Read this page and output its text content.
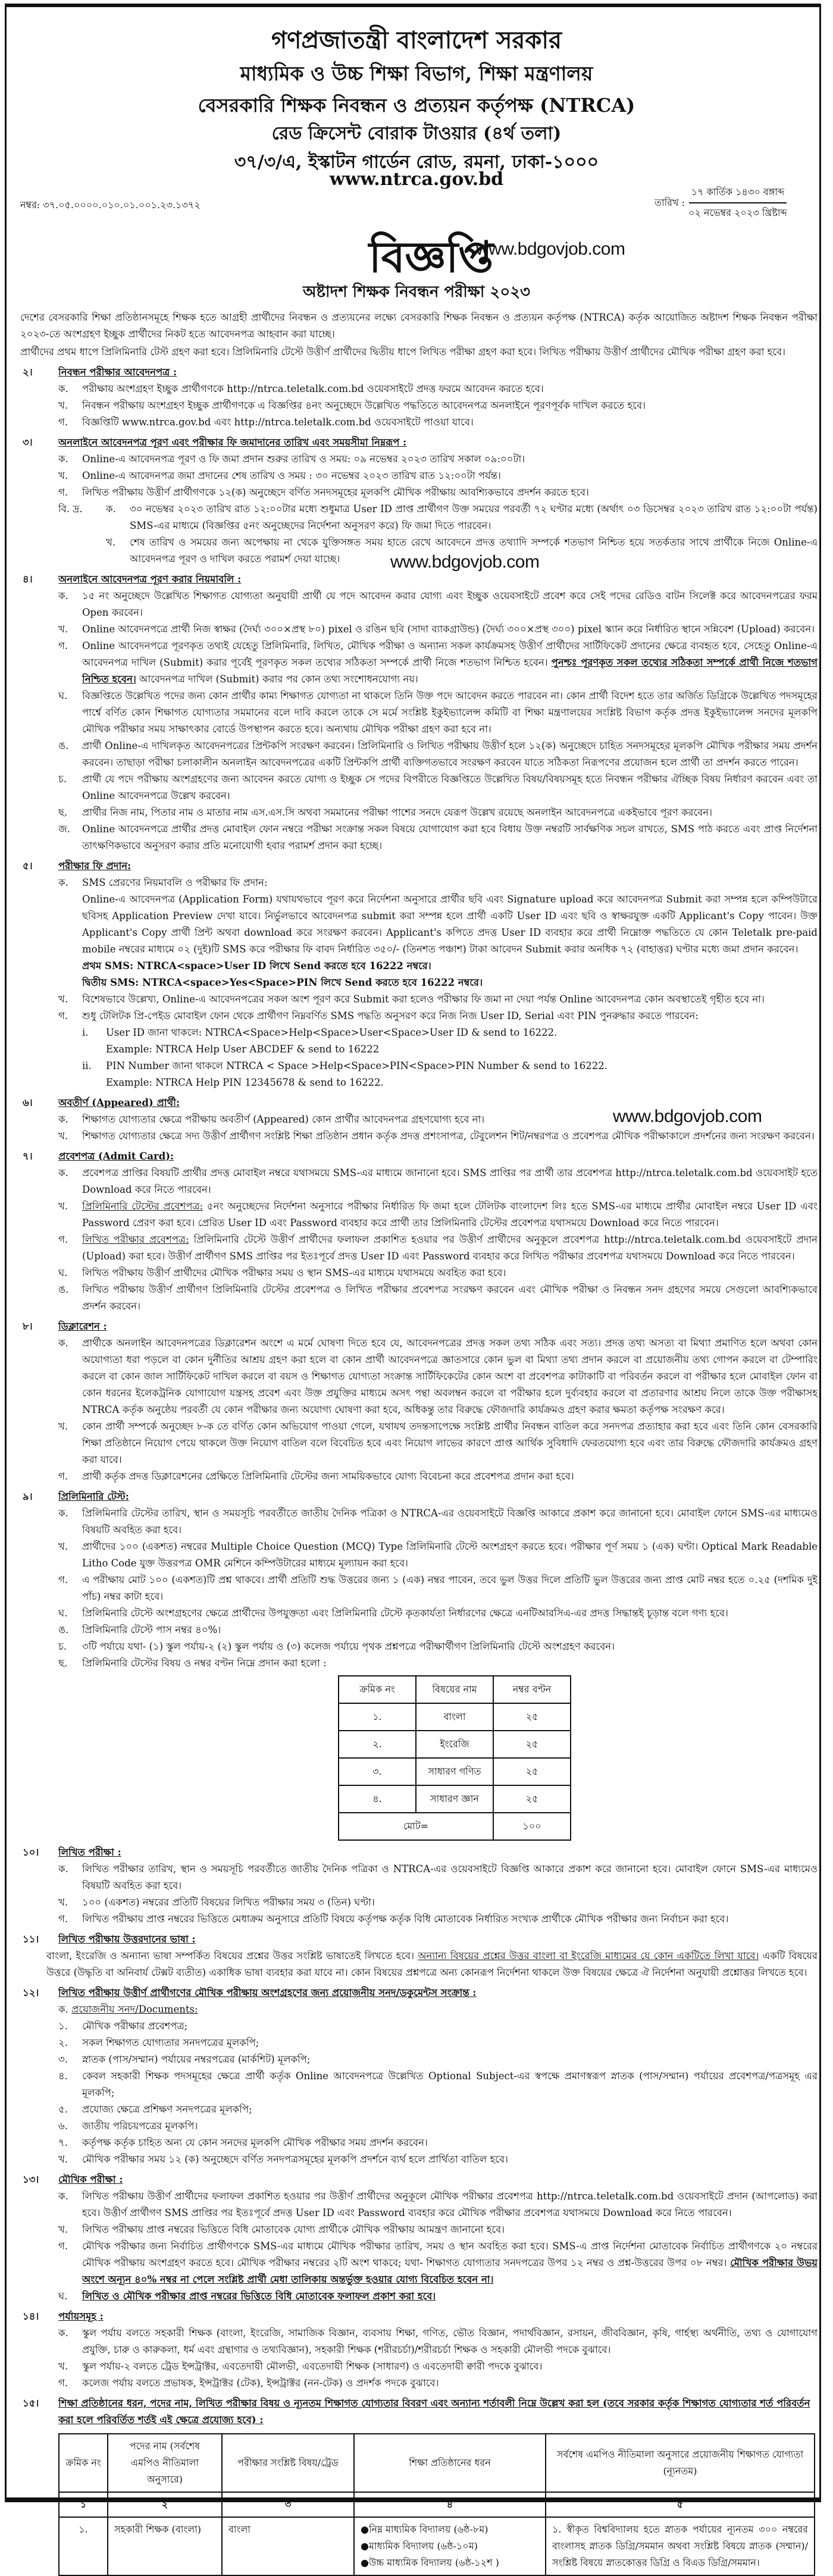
গণপ্রজাতন্ত্রী বাংলাদেশ সরকার
মাধ্যমিক ও উচ্চ শিক্ষা বিভাগ, শিক্ষা মন্ত্রণালয়
বেসরকারি শিক্ষক নিবন্ধন ও প্রত্যয়ন কর্তৃপক্ষ (NTRCA)
রেড ক্রিসেন্ট বোরাক টাওয়ার (৪র্থ তলা)
৩৭/৩/এ, ইস্কাটন গার্ডেন রোড, রমনা, ঢাকা-১০০০
www.ntrca.gov.bd
নম্বর: ৩৭.০৫.০০০০.০১০.০১.০০১.২৩.১৩৭২	তারিখ : $\frac{\text{১৭ কার্তিক ১৪৩০ বঙ্গাব্দ}}{\text{০২ নভেম্বর ২০২৩ খ্রিষ্টাব্দ}}$
বিজ্ঞপ্তি
www.bdgovjob.com
অষ্টাদশ শিক্ষক নিবন্ধন পরীক্ষা ২০২৩
www.bdgovjob.com
www.bdgovjob.com

দেশের বেসরকারি শিক্ষা প্রতিষ্ঠানসমূহে শিক্ষক হতে আগ্রহী প্রার্থীদের নিবন্ধন ও প্রত্যয়নের লক্ষ্যে বেসরকারি শিক্ষক নিবন্ধন ও প্রত্যয়ন কর্তৃপক্ষ (NTRCA) কর্তৃক আয়োজিত অষ্টাদশ শিক্ষক নিবন্ধন পরীক্ষা ২০২৩-তে অংশগ্রহণ ইচ্ছুক প্রার্থীদের নিকট হতে আবেদনপত্র আহবান করা যাচ্ছে।

প্রার্থীদের প্রথম ধাপে প্রিলিমিনারি টেস্ট গ্রহণ করা হবে। প্রিলিমিনারি টেস্টে উত্তীর্ণ প্রার্থীদের দ্বিতীয় ধাপে লিখিত পরীক্ষা গ্রহণ করা হবে। লিখিত পরীক্ষায় উত্তীর্ণ প্রার্থীদের মৌখিক পরীক্ষা গ্রহণ করা হবে।

২।	নিবন্ধন পরীক্ষার আবেদনপত্র :
ক. পরীক্ষায় অংশগ্রহণ ইচ্ছুক প্রার্থীগণকে http://ntrca.teletalk.com.bd ওয়েবসাইটে প্রদত্ত ফরমে আবেদন করতে হবে।
খ. নিবন্ধন পরীক্ষায় অংশগ্রহণ ইচ্ছুক প্রার্থীগণকে এ বিজ্ঞপ্তির ৪নং অনুচ্ছেদে উল্লেখিত পদ্ধতিতে আবেদনপত্র অনলাইনে পূরণপূর্বক দাখিল করতে হবে।
গ. বিজ্ঞপ্তিটি www.ntrca.gov.bd এবং http://ntrca.teletalk.com.bd ওয়েবসাইটে পাওয়া যাবে।
৩।	অনলাইনে আবেদনপত্র পূরণ এবং পরীক্ষার ফি জমাদানের তারিখ এবং সময়সীমা নিম্নরূপ :
ক. Online-এ আবেদনপত্র পূরণ ও ফি জমা প্রদান শুরুর তারিখ ও সময়: ০৯ নভেম্বর ২০২৩ তারিখ সকাল ০৯:০০টা।
খ. Online-এ আবেদনপত্র জমা প্রদানের শেষ তারিখ ও সময় : ৩০ নভেম্বর ২০২৩ তারিখ রাত ১২:০০টা পর্যন্ত।
গ. লিখিত পরীক্ষায় উত্তীর্ণ প্রার্থীগণকে ১২(ক) অনুচ্ছেদে বর্ণিত সনদসমূহের মূলকপি মৌখিক পরীক্ষায় আবশ্যিকভাবে প্রদর্শন করতে হবে।
বি. দ্র. ক. ৩০ নভেম্বর ২০২৩ তারিখ রাত ১২:০০টার মধ্যে শুধুমাত্র User ID প্রাপ্ত প্রার্থীগণ উক্ত সময়ের পরবর্তী ৭২ ঘণ্টার মধ্যে (অর্থাৎ ০৩ ডিসেম্বর ২০২৩ তারিখ রাত ১২:০০টা পর্যন্ত) SMS-এর মাধ্যমে (বিজ্ঞপ্তির ৫নং অনুচ্ছেদের নির্দেশনা অনুসরণ করে) ফি জমা দিতে পারবেন।
খ. শেষ তারিখ ও সময়ের জন্য অপেক্ষায় না থেকে যুক্তিসঙ্গত সময় হাতে রেখে আবেদনে প্রদত্ত তথ্যাদি সম্পর্কে শতভাগ নিশ্চিত হয়ে সতর্কতার সাথে প্রার্থীকে নিজে Online-এ আবেদনপত্র পূরণ ও দাখিল করতে পরামর্শ দেয়া যাচ্ছে।
৪।	অনলাইনে আবেদনপত্র পূরণ করার নিয়মাবলি :
ক. ১৫ নং অনুচ্ছেদে উল্লেখিত শিক্ষাগত যোগ্যতা অনুযায়ী প্রার্থী যে পদে আবেদন করার যোগ্য এবং ইচ্ছুক ওয়েবসাইটে প্রবেশ করে সেই পদের রেডিও বাটন সিলেক্ট করে আবেদনপত্রের ফরম Open করবেন।
খ. Online আবেদনপত্রে প্রার্থী নিজ স্বাক্ষর (দৈর্ঘ্য ৩০০×প্রস্থ ৮০) pixel ও রঙিন ছবি (সাদা ব্যাকগ্রাউন্ড) (দৈর্ঘ্য ৩০০×প্রস্থ ৩০০) pixel স্ক্যান করে নির্ধারিত স্থানে সন্নিবেশ (Upload) করবেন।
গ. Online আবেদনপত্রে পূরণকৃত তথ্যই যেহেতু প্রিলিমিনারি, লিখিত, মৌখিক পরীক্ষা ও অন্যান্য সকল কার্যক্রমসহ উত্তীর্ণ প্রার্থীদের সার্টিফিকেট প্রদানের ক্ষেত্রে ব্যবহৃত হবে, সেহেতু Online-এ আবেদনপত্র দাখিল (Submit) করার পূর্বেই পূরণকৃত সকল তথ্যের সঠিকতা সম্পর্কে প্রার্থী নিজে শতভাগ নিশ্চিত হবেন। পুনশ্চঃ পূরণকৃত সকল তথ্যের সঠিকতা সম্পর্কে প্রার্থী নিজে শতভাগ নিশ্চিত হবেন। আবেদনপত্র দাখিল (Submit) করার পর কোন তথ্য সংশোধনযোগ্য নয়।
ঘ. বিজ্ঞপ্তিতে উল্লেখিত পদের জন্য কোন প্রার্থীর কাম্য শিক্ষাগত যোগ্যতা না থাকলে তিনি উক্ত পদে আবেদন করতে পারবেন না। কোন প্রার্থী বিদেশ হতে তার অর্জিত ডিগ্রিকে উল্লেখিত পদসমূহের পার্শ্বে বর্ণিত কোন শিক্ষাগত যোগ্যতার সমমানের বলে দাবি করলে তাকে সে মর্মে সংশ্লিষ্ট ইকুইভ্যালেন্স কমিটি বা শিক্ষা মন্ত্রণালয়ের সংশ্লিষ্ট বিভাগ কর্তৃক প্রদত্ত ইকুইভ্যালেন্স সনদের মূলকপি মৌখিক পরীক্ষার সময় সাক্ষাৎকার বোর্ডে উপস্থাপন করতে হবে। অন্যথায় মৌখিক পরীক্ষা গ্রহণ করা হবে না।
ঙ. প্রার্থী Online-এ দাখিলকৃত আবেদনপত্রের প্রিন্টকপি সংরক্ষণ করবেন। প্রিলিমিনারি ও লিখিত পরীক্ষায় উত্তীর্ণ হলে ১২(ক) অনুচ্ছেদে চাহিত সনদসমূহের মূলকপি মৌখিক পরীক্ষার সময় প্রদর্শন করবেন। তাছাড়া পরীক্ষা চলাকালীন অনলাইন আবেদনপত্রের একটি প্রিন্টকপি প্রার্থী ব্যক্তিগতভাবে সংরক্ষণ করবেন যাতে সঠিকতা নিরূপণের প্রয়োজন হলে প্রার্থী তা প্রদর্শন করতে পারেন।
চ. প্রার্থী যে পদে পরীক্ষায় অংশগ্রহণের জন্য আবেদন করতে যোগ্য ও ইচ্ছুক সে পদের বিপরীতে বিজ্ঞপ্তিতে উল্লেখিত বিষয়/বিষয়সমূহ হতে নিবন্ধন পরীক্ষার ঐচ্ছিক বিষয় নির্ধারণ করবেন এবং তা Online আবেদনপত্রে উল্লেখ করবেন।
ছ. প্রার্থীর নিজ নাম, পিতার নাম ও মাতার নাম এস.এস.সি অথবা সমমানের পরীক্ষা পাশের সনদে যেরূপ উল্লেখ রয়েছে অনলাইন আবেদনপত্রে একইভাবে পূরণ করবেন।
জ. Online আবেদনপত্রে প্রার্থীর প্রদত্ত মোবাইল ফোন নম্বরে পরীক্ষা সংক্রান্ত সকল বিষয়ে যোগাযোগ করা হবে বিধায় উক্ত নম্বরটি সার্বক্ষণিক সচল রাখতে, SMS পাঠ করতে এবং প্রাপ্ত নির্দেশনা তাৎক্ষণিকভাবে অনুসরণ করার প্রতি মনোযোগী হবার পরামর্শ প্রদান করা হচ্ছে।
৫।	পরীক্ষার ফি প্রদান:
ক. SMS প্রেরণের নিয়মাবলি ও পরীক্ষার ফি প্রদান:
Online-এ আবেদনপত্র (Application Form) যথাযথভাবে পূরণ করে নির্দেশনা অনুসারে প্রার্থীর ছবি এবং Signature upload করে আবেদনপত্র Submit করা সম্পন্ন হলে কম্পিউটারে ছবিসহ Application Preview দেখা যাবে। নির্ভুলভাবে আবেদনপত্র submit করা সম্পন্ন হলে প্রার্থী একটি User ID এবং ছবি ও স্বাক্ষরযুক্ত একটি Applicant's Copy পাবেন। উক্ত Applicant's Copy প্রার্থী প্রিন্ট অথবা download করে সংরক্ষণ করবেন। Applicant's কপিতে প্রদত্ত User ID ব্যবহার করে প্রার্থী নিম্নোক্ত পদ্ধতিতে যে কোন Teletalk pre-paid mobile নম্বরের মাধ্যমে ০২ (দুই)টি SMS করে পরীক্ষার ফি বাবদ নির্ধারিত ৩৫০/- (তিনশত পঞ্চাশ) টাকা আবেদন Submit করার অনধিক ৭২ (বাহাত্তর) ঘণ্টার মধ্যে জমা প্রদান করবেন।
প্রথম SMS: NTRCA<space>User ID লিখে Send করতে হবে 16222 নম্বরে।
দ্বিতীয় SMS: NTRCA<space>Yes<Space>PIN লিখে Send করতে হবে 16222 নম্বরে।
খ. বিশেষভাবে উল্লেখ্য, Online-এ আবেদনপত্রের সকল অংশ পূরণ করে Submit করা হলেও পরীক্ষার ফি জমা না দেয়া পর্যন্ত Online আবেদনপত্র কোন অবস্থাতেই গৃহীত হবে না।
গ. শুধু টেলিটক প্রি-পেইড মোবাইল ফোন থেকে প্রার্থীগণ নিম্নবর্ণিত SMS পদ্ধতি অনুসরণ করে নিজ নিজ User ID, Serial এবং PIN পুনরুদ্ধার করতে পারবেন:
i. User ID জানা থাকলে: NTRCA<Space>Help<Space>User<Space>User ID & send to 16222.
Example: NTRCA Help User ABCDEF & send to 16222
ii. PIN Number জানা থাকলে NTRCA < Space >Help<Space>PIN<Space>PIN Number & send to 16222.
Example: NTRCA Help PIN 12345678 & send to 16222.
৬।	অবতীর্ণ (Appeared) প্রার্থী:
ক. শিক্ষাগত যোগ্যতার ক্ষেত্রে পরীক্ষায় অবতীর্ণ (Appeared) কোন প্রার্থীর আবেদনপত্র গ্রহণযোগ্য হবে না।
খ. শিক্ষাগত যোগ্যতার ক্ষেত্রে সদ্য উত্তীর্ণ প্রার্থীগণ সংশ্লিষ্ট শিক্ষা প্রতিষ্ঠান প্রধান কর্তৃক প্রদত্ত প্রশংসাপত্র, টেবুলেশন শিট/নম্বরপত্র ও প্রবেশপত্র মৌখিক পরীক্ষাকালে প্রদর্শনের জন্য সংরক্ষণ করবেন।
৭।	প্রবেশপত্র (Admit Card):
ক. প্রবেশপত্র প্রাপ্তির বিষয়টি প্রার্থীর প্রদত্ত মোবাইল নম্বরে যথাসময়ে SMS-এর মাধ্যমে জানানো হবে। SMS প্রাপ্তির পর প্রার্থী তার প্রবেশপত্র http://ntrca.teletalk.com.bd ওয়েবসাইট হতে Download করে নিতে পারবেন।
খ. প্রিলিমিনারি টেস্টের প্রবেশপত্র: ৫নং অনুচ্ছেদের নির্দেশনা অনুসারে পরীক্ষার নির্ধারিত ফি জমা হলে টেলিটক বাংলাদেশ লিঃ হতে SMS-এর মাধ্যমে প্রার্থীর মোবাইল নম্বরে User ID এবং Password প্রেরণ করা হবে। প্রেরিত User ID এবং Password ব্যবহার করে প্রার্থী তার প্রিলিমিনারি টেস্টের প্রবেশপত্র যথাসময়ে Download করে নিতে পারবেন।
গ. লিখিত পরীক্ষার প্রবেশপত্র: প্রিলিমিনারি টেস্টে উত্তীর্ণ প্রার্থীদের ফলাফল প্রকাশিত হওয়ার পর উত্তীর্ণ প্রার্থীদের অনুকূলে প্রবেশপত্র http://ntrca.teletalk.com.bd ওয়েবসাইটে প্রদান (Upload) করা হবে। উত্তীর্ণ প্রার্থীগণ SMS প্রাপ্তির পর ইতঃপূর্বে প্রদত্ত User ID এবং Password ব্যবহার করে লিখিত পরীক্ষার প্রবেশপত্র যথাসময়ে Download করে নিতে পারবেন।
ঘ. লিখিত পরীক্ষায় উত্তীর্ণ প্রার্থীদের মৌখিক পরীক্ষার সময় ও স্থান SMS-এর মাধ্যমে যথাসময়ে অবহিত করা হবে।
ঙ. লিখিত পরীক্ষায় উত্তীর্ণ প্রার্থীগণ প্রিলিমিনারি টেস্টের প্রবেশপত্র ও লিখিত পরীক্ষার প্রবেশপত্র সংরক্ষণ করবেন এবং মৌখিক পরীক্ষা ও নিবন্ধন সনদ গ্রহণের সময়ে সেগুলো আবশ্যিকভাবে প্রদর্শন করবেন।
৮।	ডিক্লারেশন :
ক. প্রার্থীকে অনলাইন আবেদনপত্রের ডিক্লারেশন অংশে এ মর্মে ঘোষণা দিতে হবে যে, আবেদনপত্রের প্রদত্ত সকল তথ্য সঠিক এবং সত্য। প্রদত্ত তথ্য অসত্য বা মিথ্যা প্রমাণিত হলে অথবা কোন অযোগ্যতা ধরা পড়লে বা কোন দুর্নীতির আশ্রয় গ্রহণ করা হলে বা কোন প্রার্থী আবেদনপত্রে জ্ঞাতসারে কোন ভুল বা মিথ্যা তথ্য প্রদান করলে বা প্রয়োজনীয় তথ্য গোপন করলে বা টেম্পারিং করলে বা কোন জাল সার্টিফিকেট দাখিল করলে বা বয়স ও শিক্ষাগত যোগ্যতা সংক্রান্ত সার্টিফিকেটের কোন অংশ বা প্রবেশপত্র কাটাকাটি বা পরিবর্তন করলে বা পরীক্ষার হলে মোবাইল ফোন বা কোন ধরনের ইলেকট্রনিক যোগাযোগ যন্ত্রসহ প্রবেশ এবং উক্ত প্রযুক্তির মাধ্যমে অসৎ পন্থা অবলম্বন করলে বা পরীক্ষার হলে দুর্ব্যবহার করলে বা প্রতারণার আশ্রয় নিলে তাকে উক্ত পরীক্ষাসহ NTRCA কর্তৃক অনুষ্ঠেয় পরবর্তী যে কোন পরীক্ষার জন্য অযোগ্য ঘোষণা করা হবে, অধিকন্তু তার বিরুদ্ধে ফৌজদারি কার্যক্রমও গ্রহণ করার ক্ষমতা কর্তৃপক্ষ সংরক্ষণ করে।
খ. কোন প্রার্থী সম্পর্কে অনুচ্ছেদ ৮-ক তে বর্ণিত কোন অভিযোগ পাওয়া গেলে, যথাযথ তদন্তসাপেক্ষে সংশ্লিষ্ট প্রার্থীর নিবন্ধন বাতিল করে সনদপত্র প্রত্যাহার করা হবে এবং তিনি কোন বেসরকারি শিক্ষা প্রতিষ্ঠানে নিয়োগ পেয়ে থাকলে উক্ত নিয়োগ বাতিল বলে বিবেচিত হবে এবং নিয়োগ লাভের কারণে প্রাপ্ত আর্থিক সুবিধাদি ফেরতযোগ্য হবে এবং তার বিরুদ্ধে ফৌজদারি কার্যক্রমও গ্রহণ করা যাবে।
গ. প্রার্থী কর্তৃক প্রদত্ত ডিক্লারেশনের প্রেক্ষিতে প্রিলিমিনারি টেস্টের জন্য সাময়িকভাবে যোগ্য বিবেচনা করে প্রবেশপত্র প্রদান করা হবে।
৯।	প্রিলিমিনারি টেস্ট:
ক. প্রিলিমিনারি টেস্টের তারিখ, স্থান ও সময়সূচি পরবর্তীতে জাতীয় দৈনিক পত্রিকা ও NTRCA-এর ওয়েবসাইটে বিজ্ঞপ্তি আকারে প্রকাশ করে জানানো হবে। মোবাইল ফোনে SMS-এর মাধ্যমেও বিষয়টি অবহিত করা হবে।
খ. প্রার্থীদের ১০০ (একশত) নম্বরের Multiple Choice Question (MCQ) Type প্রিলিমিনারি টেস্টে অংশগ্রহণ করতে হবে। পরীক্ষার পূর্ণ সময় ১ (এক) ঘণ্টা। Optical Mark Readable Litho Code যুক্ত উত্তরপত্র OMR মেশিনে কম্পিউটারের মাধ্যমে মূল্যায়ন করা হবে।
গ. এ পরীক্ষায় মোট ১০০ (একশত)টি প্রশ্ন থাকবে। প্রার্থী প্রতিটি শুদ্ধ উত্তরের জন্য ১ (এক) নম্বর পাবেন, তবে ভুল উত্তর দিলে প্রতিটি ভুল উত্তরের জন্য প্রাপ্ত মোট নম্বর হতে ০.২৫ (দশমিক দুই পাঁচ) নম্বর কাটা হবে।
ঘ. প্রিলিমিনারি টেস্টে অংশগ্রহণের ক্ষেত্রে প্রার্থীদের উপযুক্ততা এবং প্রিলিমিনারি টেস্টে কৃতকার্যতা নির্ধারণের ক্ষেত্রে এনটিআরসিএ-এর প্রদত্ত সিদ্ধান্তই চূড়ান্ত বলে গণ্য হবে।
ঙ. প্রিলিমিনারি টেস্টে পাস নম্বর ৪০%।
চ. ৩টি পর্যায়ে যথা- (১) স্কুল পর্যায়-২ (২) স্কুল পর্যায় ও (৩) কলেজ পর্যায়ে পৃথক প্রশ্নপত্রে পরীক্ষার্থীগণ প্রিলিমিনারি টেস্টে অংশগ্রহণ করবেন।
ছ. প্রিলিমিনারি টেস্টের বিষয় ও নম্বর বণ্টন নিম্নে প্রদান করা হলো :
ক্রমিক নং	বিষয়ের নাম	নম্বর বণ্টন
১.	বাংলা	২৫
২.	ইংরেজি	২৫
৩.	সাধারণ গণিত	২৫
৪.	সাধারণ জ্ঞান	২৫
মোট=		১০০
১০। লিখিত পরীক্ষা :
ক. লিখিত পরীক্ষার তারিখ, স্থান ও সময়সূচি পরবর্তীতে জাতীয় দৈনিক পত্রিকা ও NTRCA-এর ওয়েবসাইটে বিজ্ঞপ্তি আকারে প্রকাশ করে জানানো হবে। মোবাইল ফোনে SMS-এর মাধ্যমেও বিষয়টি অবহিত করা হবে।
খ. ১০০ (একশত) নম্বরের প্রতিটি বিষয়ের লিখিত পরীক্ষার সময় ৩ (তিন) ঘণ্টা।
গ. লিখিত পরীক্ষায় প্রাপ্ত নম্বরের ভিত্তিতে মেধাক্রম অনুসারে প্রতিটি বিষয়ে কর্তৃপক্ষ কর্তৃক বিধি মোতাবেক নির্ধারিত সংখ্যক প্রার্থীকে মৌখিক পরীক্ষার জন্য নির্বাচন করা হবে।
১১। লিখিত পরীক্ষায় উত্তরদানের ভাষা :
বাংলা, ইংরেজি ও অন্যান্য ভাষা সম্পর্কিত বিষয়ের প্রশ্নের উত্তর সংশ্লিষ্ট ভাষাতেই লিখতে হবে। অন্যান্য বিষয়ের প্রশ্নের উত্তর বাংলা বা ইংরেজি মাধ্যমের যে কোন একটিতে লিখা যাবে। একটি বিষয়ের উত্তরে (উদ্ধৃতি বা অনিবার্য টেক্সট ব্যতীত) একাধিক ভাষা ব্যবহার করা যাবে না। কোন বিষয়ের প্রশ্নপত্রে অন্য কোনরূপ নির্দেশনা থাকলে উক্ত বিষয়ের ক্ষেত্রে ঐ নির্দেশনা অনুযায়ী প্রশ্নোত্তর লিখতে হবে।
১২। লিখিত পরীক্ষায় উত্তীর্ণ প্রার্থীগণের মৌখিক পরীক্ষায় অংশগ্রহণের জন্য প্রয়োজনীয় সনদ/ডকুমেন্টস সংক্রান্ত :
ক. প্রয়োজনীয় সনদ/Documents:
১. মৌখিক পরীক্ষার প্রবেশপত্র;
২. সকল শিক্ষাগত যোগ্যতার সনদপত্রের মূলকপি;
৩. স্নাতক (পাস/সম্মান) পর্যায়ের নম্বরপত্রের (মার্কশিট) মূলকপি;
৪. কেবল সহকারী শিক্ষক পদসমূহের ক্ষেত্রে প্রার্থী কর্তৃক Online আবেদনপত্রে উল্লেখিত Optional Subject-এর স্বপক্ষে প্রমাণস্বরূপ স্নাতক (পাস/সম্মান) পর্যায়ের প্রবেশপত্র/পত্রসমূহ এর মূলকপি;
৫. প্রযোজ্য ক্ষেত্রে প্রশিক্ষণ সনদপত্রের মূলকপি;
৬. জাতীয় পরিচয়পত্রের মূলকপি।
৭. কর্তৃপক্ষ কর্তৃক চাহিত অন্য যে কোন সনদের মূলকপি মৌখিক পরীক্ষার সময় প্রদর্শন করবেন।
খ. মৌখিক পরীক্ষার সময় ১২ (ক) অনুচ্ছেদে বর্ণিত সনদপত্রসমূহের মূলকপি প্রদর্শনে ব্যর্থ হলে প্রার্থিতা বাতিল হবে।
১৩। মৌখিক পরীক্ষা :
ক. লিখিত পরীক্ষায় উত্তীর্ণ প্রার্থীদের ফলাফল প্রকাশিত হওয়ার পর উত্তীর্ণ প্রার্থীদের অনুকূলে মৌখিক পরীক্ষার প্রবেশপত্র http://ntrca.teletalk.com.bd ওয়েবসাইটে প্রদান (আপলোড) করা হবে। উত্তীর্ণ প্রার্থীগণ SMS প্রাপ্তির পর ইতঃপূর্বে প্রদত্ত User ID এবং Password ব্যবহার করে মৌখিক পরীক্ষার প্রবেশপত্র যথাসময়ে Download করে নিতে পারবেন।
খ. লিখিত পরীক্ষায় প্রাপ্ত নম্বরের ভিত্তিতে বিধি মোতাবেক যোগ্য প্রার্থীকে মৌখিক পরীক্ষায় আমন্ত্রণ জানানো হবে।
গ. মৌখিক পরীক্ষার জন্য নির্বাচিত প্রার্থীগণকে SMS-এর মাধ্যমে মৌখিক পরীক্ষার তারিখ, সময় ও স্থান অবহিত করা হবে। SMS-এ প্রাপ্ত নির্দেশনা মোতাবেক নির্বাচিত প্রার্থীগণকে ২০ নম্বরের মৌখিক পরীক্ষায় অংশগ্রহণ করতে হবে। মৌখিক পরীক্ষার নম্বরের ২টি অংশ থাকবে; যথা- শিক্ষাগত যোগ্যতার সনদপত্রের উপর ১২ নম্বর ও প্রশ্ন-উত্তরের উপর ০৮ নম্বর। মৌখিক পরীক্ষার উভয় অংশে অন্যূন ৪০% নম্বর না পেলে সংশ্লিষ্ট প্রার্থী মেধা তালিকায় অন্তর্ভুক্ত হওয়ার যোগ্য বিবেচিত হবেন না।
ঘ. লিখিত ও মৌখিক পরীক্ষার প্রাপ্ত নম্বরের ভিত্তিতে বিধি মোতাবেক ফলাফল প্রকাশ করা হবে।
১৪। পর্যায়সমূহ :
ক. স্কুল পর্যায় বলতে সহকারী শিক্ষক (বাংলা, ইংরেজি, সামাজিক বিজ্ঞান, ব্যবসায় শিক্ষা, গণিত, ভৌত বিজ্ঞান, পদার্থবিজ্ঞান, রসায়ন, জীববিজ্ঞান, কৃষি, গার্হস্থ্য অর্থনীতি, তথ্য ও যোগাযোগ প্রযুক্তি, চারু ও কারুকলা, ধর্ম এবং গ্রন্থাগার ও তথ্যবিজ্ঞান), সহকারী শিক্ষক (শরীরচর্চা)/শরীরচর্চা শিক্ষক ও সহকারী মৌলভী পদকে বুঝাবে।
খ. স্কুল পর্যায়-২ বলতে ট্রেড ইন্সট্রাক্টর, এবতেদায়ী মৌলভী, এবতেদায়ী শিক্ষক (সাধারণ) ও এবতেদায়ী ক্বারী পদকে বুঝাবে।
গ. কলেজ পর্যায় বলতে প্রভাষক, ইন্সট্রাক্টর (টেক), ইন্সট্রাক্টর (নন-টেক) ও প্রদর্শক পদকে বুঝাবে।
১৫। শিক্ষা প্রতিষ্ঠানের ধরন, পদের নাম, লিখিত পরীক্ষার বিষয় ও ন্যূনতম শিক্ষাগত যোগ্যতার বিবরণ এবং অন্যান্য শর্তাবলী নিম্নে উল্লেখ করা হল (তবে সরকার কর্তৃক শিক্ষাগত যোগ্যতার শর্ত পরিবর্তন করা হলে পরিবর্তিত শর্তই এই ক্ষেত্রে প্রযোজ্য হবে) :
ক্রমিক নং	পদের নাম (সর্বশেষ এমপিও নীতিমালা অনুসারে)	পরীক্ষার সংশ্লিষ্ট বিষয়/ট্রেড	শিক্ষা প্রতিষ্ঠানের ধরন	সর্বশেষ এমপিও নীতিমালা অনুসারে প্রয়োজনীয় শিক্ষাগত যোগ্যতা (ন্যূনতম)
১	২	৩	৪	৫
১.	সহকারী শিক্ষক (বাংলা)	বাংলা	● নিম্ন মাধ্যমিক বিদ্যালয় (৬ষ্ঠ-৮ম)
● মাধ্যমিক বিদ্যালয় (৬ষ্ঠ-১০ম)
● উচ্চ মাধ্যমিক বিদ্যালয় (৬ষ্ঠ-১২শ )	১. স্বীকৃত বিশ্ববিদ্যালয় হতে স্নাতক পর্যায়ের ন্যূনতম ৩০০ নম্বরের বাংলাসহ স্নাতক ডিগ্রি/সমমান অথবা সংশ্লিষ্ট বিষয়ে স্নাতক (সম্মান)/সংশ্লিষ্ট বিষয়ে স্নাতকোত্তর ডিগ্রি ও বিএড ডিগ্রি/সমমান।
